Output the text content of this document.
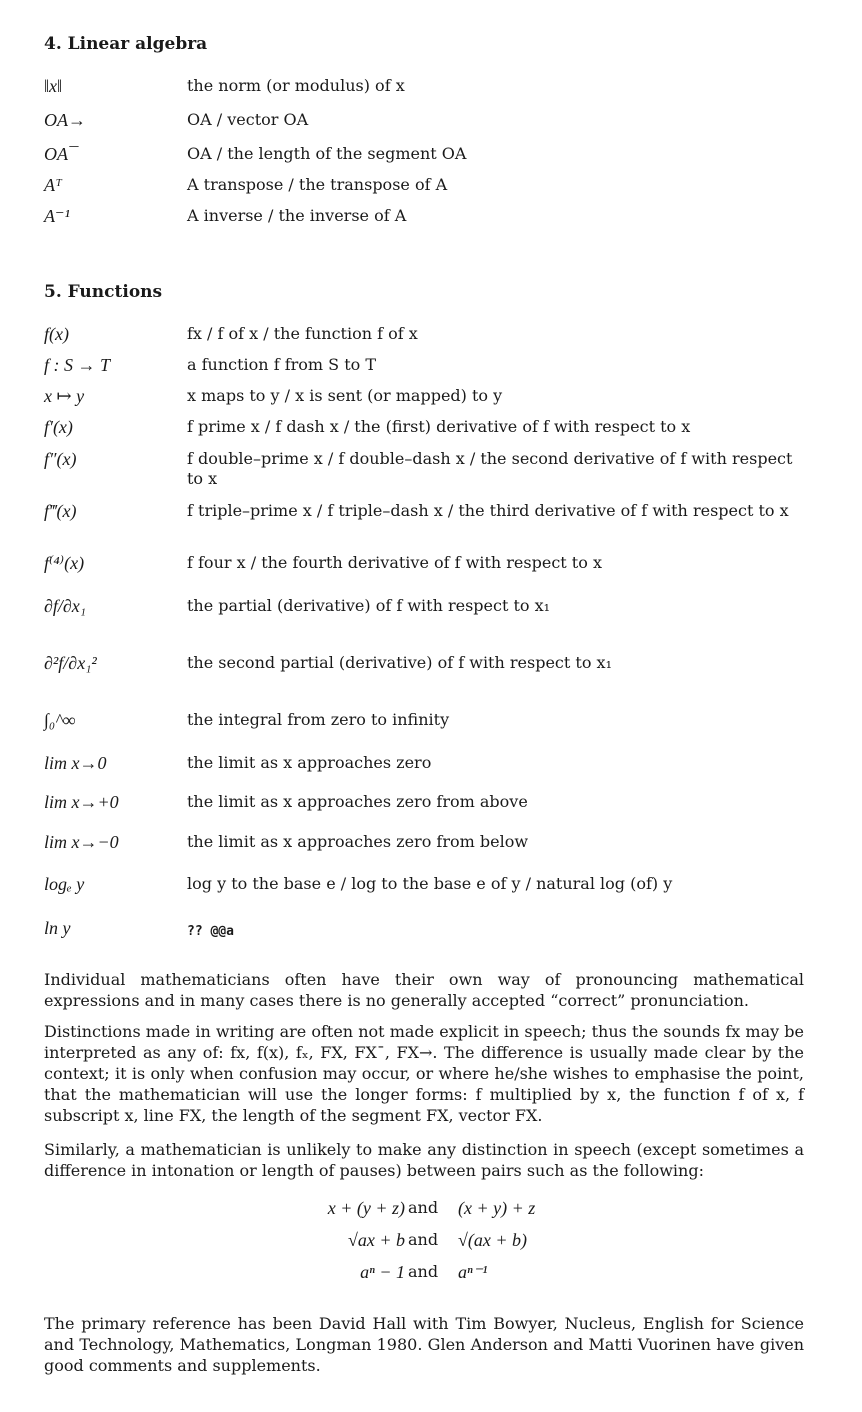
4. Linear algebra
‖x‖	the norm (or modulus) of x
OA→	OA / vector OA
OA¯	OA / the length of the segment OA
Aᵀ	A transpose / the transpose of A
A⁻¹	A inverse / the inverse of A
5. Functions
f(x)	fx / f of x / the function f of x
f : S → T	a function f from S to T
x ↦ y	x maps to y / x is sent (or mapped) to y
f′(x)	f prime x / f dash x / the (first) derivative of f with respect to x
f″(x)	f double–prime x / f double–dash x / the second derivative of f with respect to x
f‴(x)	f triple–prime x / f triple–dash x / the third derivative of f with respect to x
f⁽⁴⁾(x)	f four x / the fourth derivative of f with respect to x
∂f/∂x₁	the partial (derivative) of f with respect to x₁
∂²f/∂x₁²	the second partial (derivative) of f with respect to x₁
∫₀^∞	the integral from zero to infinity
lim x→0	the limit as x approaches zero
lim x→+0	the limit as x approaches zero from above
lim x→−0	the limit as x approaches zero from below
logₑ y	log y to the base e / log to the base e of y / natural log (of) y
ln y	?? @@a
Individual mathematicians often have their own way of pronouncing mathematical expressions and in many cases there is no generally accepted “correct” pronunciation.
Distinctions made in writing are often not made explicit in speech; thus the sounds fx may be interpreted as any of: fx, f(x), fₓ, FX, FX¯, FX→. The difference is usually made clear by the context; it is only when confusion may occur, or where he/she wishes to emphasise the point, that the mathematician will use the longer forms: f multiplied by x, the function f of x, f subscript x, line FX, the length of the segment FX, vector FX.
Similarly, a mathematician is unlikely to make any distinction in speech (except sometimes a difference in intonation or length of pauses) between pairs such as the following:
x + (y + z) and (x + y) + z
√ax + b and √(ax + b)
aⁿ − 1 and aⁿ⁻¹
The primary reference has been David Hall with Tim Bowyer, Nucleus, English for Science and Technology, Mathematics, Longman 1980. Glen Anderson and Matti Vuorinen have given good comments and supplements.
